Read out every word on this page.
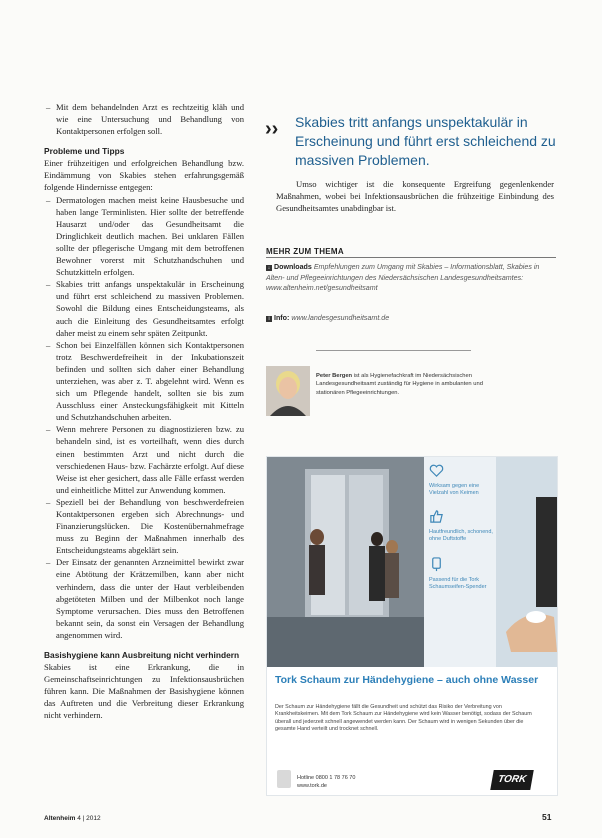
– Mit dem behandelnden Arzt es rechtzeitig kläh und wie eine Untersuchung und Behandlung von Kontaktpersonen erfolgen soll.
Probleme und Tipps

Einer frühzeitigen und erfolgreichen Behandlung bzw. Eindämmung von Skabies stehen erfahrungsgemäß folgende Hindernisse entgegen:

– Dermatologen machen meist keine Hausbesuche und haben lange Terminlisten. Hier sollte der betreffende Hausarzt und/oder das Gesundheitsamt die Dringlichkeit deutlich machen. Bei unklaren Fällen sollte der pflegerische Umgang mit dem betroffenen Bewohner vorerst mit Schutzhandschuhen und Schutzkitteln erfolgen.
– Skabies tritt anfangs unspektakulär in Erscheinung und führt erst schleichend zu massiven Problemen. Sowohl die Bildung eines Entscheidungsteams, als auch die Einleitung des Gesundheitsamtes erfolgt daher meist zu einem sehr späten Zeitpunkt.
– Schon bei Einzelfällen können sich Kontaktpersonen trotz Beschwerdefreiheit in der Inkubationszeit befinden und sollten sich daher einer Behandlung unterziehen, was aber z. T. abgelehnt wird. Wenn es sich um Pflegende handelt, sollten sie bis zum Ausschluss einer Ansteckungsfähigkeit mit Kitteln und Schutzhandschuhen arbeiten.
– Wenn mehrere Personen zu diagnostizieren bzw. zu behandeln sind, ist es vorteilhaft, wenn dies durch einen bestimmten Arzt und nicht durch die verschiedenen Haus- bzw. Fachärzte erfolgt. Auf diese Weise ist eher gesichert, dass alle Fälle erfasst werden und einheitliche Mittel zur Anwendung kommen.
– Speziell bei der Behandlung von beschwerdefreien Kontaktpersonen ergeben sich Abrechnungs- und Finanzierungslücken. Die Kostenübernahmefrage muss zu Beginn der Maßnahmen innerhalb des Entscheidungsteams abgeklärt sein.
– Der Einsatz der genannten Arzneimittel bewirkt zwar eine Abtötung der Krätzemilben, kann aber nicht verhindern, dass die unter der Haut verbleibenden abgetöteten Milben und der Milbenkot noch lange Symptome verursachen. Dies muss den Betroffenen bekannt sein, da sonst ein Versagen der Behandlung angenommen wird.
Basishygiene kann Ausbreitung nicht verhindern

Skabies ist eine Erkrankung, die in Gemeinschaftseinrichtungen zu Infektionsausbrüchen führen kann. Die Maßnahmen der Basishygiene können das Auftreten und die Verbreitung dieser Erkrankung nicht verhindern.

›› Skabies tritt anfangs unspektakulär in Erscheinung und führt erst schleichend zu massiven Problemen.

Umso wichtiger ist die konsequente Ergreifung gegenlenkender Maßnahmen, wobei bei Infektionsausbrüchen die frühzeitige Einbindung des Gesundheitsamtes unabdingbar ist.

MEHR ZUM THEMA
↓ Downloads Empfehlungen zum Umgang mit Skabies – Informationsblatt, Skabies in Alten- und Pflegeeinrichtungen des Niedersächsischen Landesgesundheitsamtes: www.altenheim.net/gesundheitsamt
i Info: www.landesgesundheitsamt.de

Peter Bergen ist als Hygienefachkraft im Niedersächsischen Landesgesundheitsamt zuständig für Hygiene in ambulanten und stationären Pflegeeinrichtungen.

Wirksam gegen eine Vielzahl von Keimen
Hautfreundlich, schonend, ohne Duftstoffe
Passend für die Tork Schaumseifen-Spender

Tork Schaum zur Händehygiene – auch ohne Wasser

Der Schaum zur Händehygiene fällt die Gesundheit und schützt das Risiko der Verbreitung von Krankheitskeimen. Mit dem Tork Schaum zur Händehygiene wird kein Wasser benötigt, sodass der Schaum überall und jederzeit schnell angewendet werden kann. Der Schaum wird in wenigen Sekunden über die gesamte Hand verteilt und trocknet schnell.

Hotline 0800 1 78 76 70
www.tork.de
TORK
Altenheim 4 | 2012	51
